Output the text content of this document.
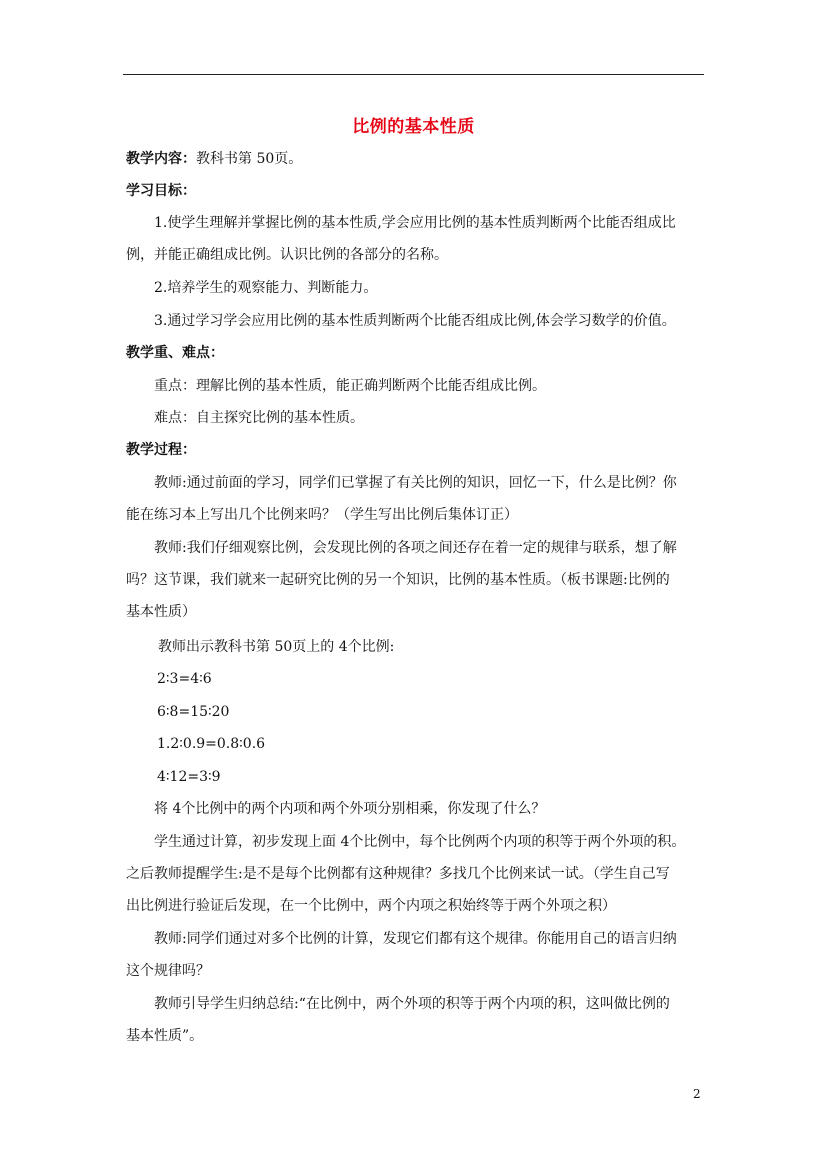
比例的基本性质
教学内容：教科书第 50页。
学习目标：
1.使学生理解并掌握比例的基本性质,学会应用比例的基本性质判断两个比能否组成比
例，并能正确组成比例。认识比例的各部分的名称。
2.培养学生的观察能力、判断能力。
3.通过学习学会应用比例的基本性质判断两个比能否组成比例,体会学习数学的价值。
教学重、难点：
重点：理解比例的基本性质，能正确判断两个比能否组成比例。
难点：自主探究比例的基本性质。
教学过程：
教师:通过前面的学习，同学们已掌握了有关比例的知识，回忆一下，什么是比例？你
能在练习本上写出几个比例来吗？（学生写出比例后集体订正）
教师:我们仔细观察比例，会发现比例的各项之间还存在着一定的规律与联系，想了解
吗？这节课，我们就来一起研究比例的另一个知识，比例的基本性质。（板书课题:比例的
基本性质）
教师出示教科书第 50页上的 4个比例:
2∶3=4∶6
6∶8=15∶20
1.2∶0.9=0.8∶0.6
4∶12=3∶9
将 4个比例中的两个内项和两个外项分别相乘，你发现了什么？
学生通过计算，初步发现上面 4个比例中，每个比例两个内项的积等于两个外项的积。
之后教师提醒学生:是不是每个比例都有这种规律？多找几个比例来试一试。（学生自己写
出比例进行验证后发现，在一个比例中，两个内项之积始终等于两个外项之积）
教师:同学们通过对多个比例的计算，发现它们都有这个规律。你能用自己的语言归纳
这个规律吗？
教师引导学生归纳总结:“在比例中，两个外项的积等于两个内项的积，这叫做比例的
基本性质”。
2
